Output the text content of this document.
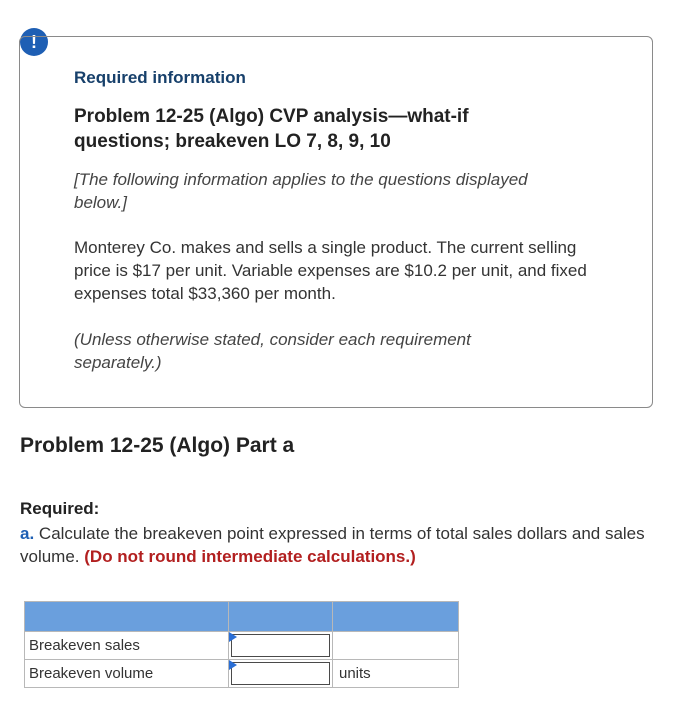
!
Required information
Problem 12-25 (Algo) CVP analysis—what-if questions; breakeven LO 7, 8, 9, 10
[The following information applies to the questions displayed below.]
Monterey Co. makes and sells a single product. The current selling price is $17 per unit. Variable expenses are $10.2 per unit, and fixed expenses total $33,360 per month.
(Unless otherwise stated, consider each requirement separately.)
Problem 12-25 (Algo) Part a
Required:
a. Calculate the breakeven point expressed in terms of total sales dollars and sales volume. (Do not round intermediate calculations.)

Breakeven sales	

Breakeven volume		units
